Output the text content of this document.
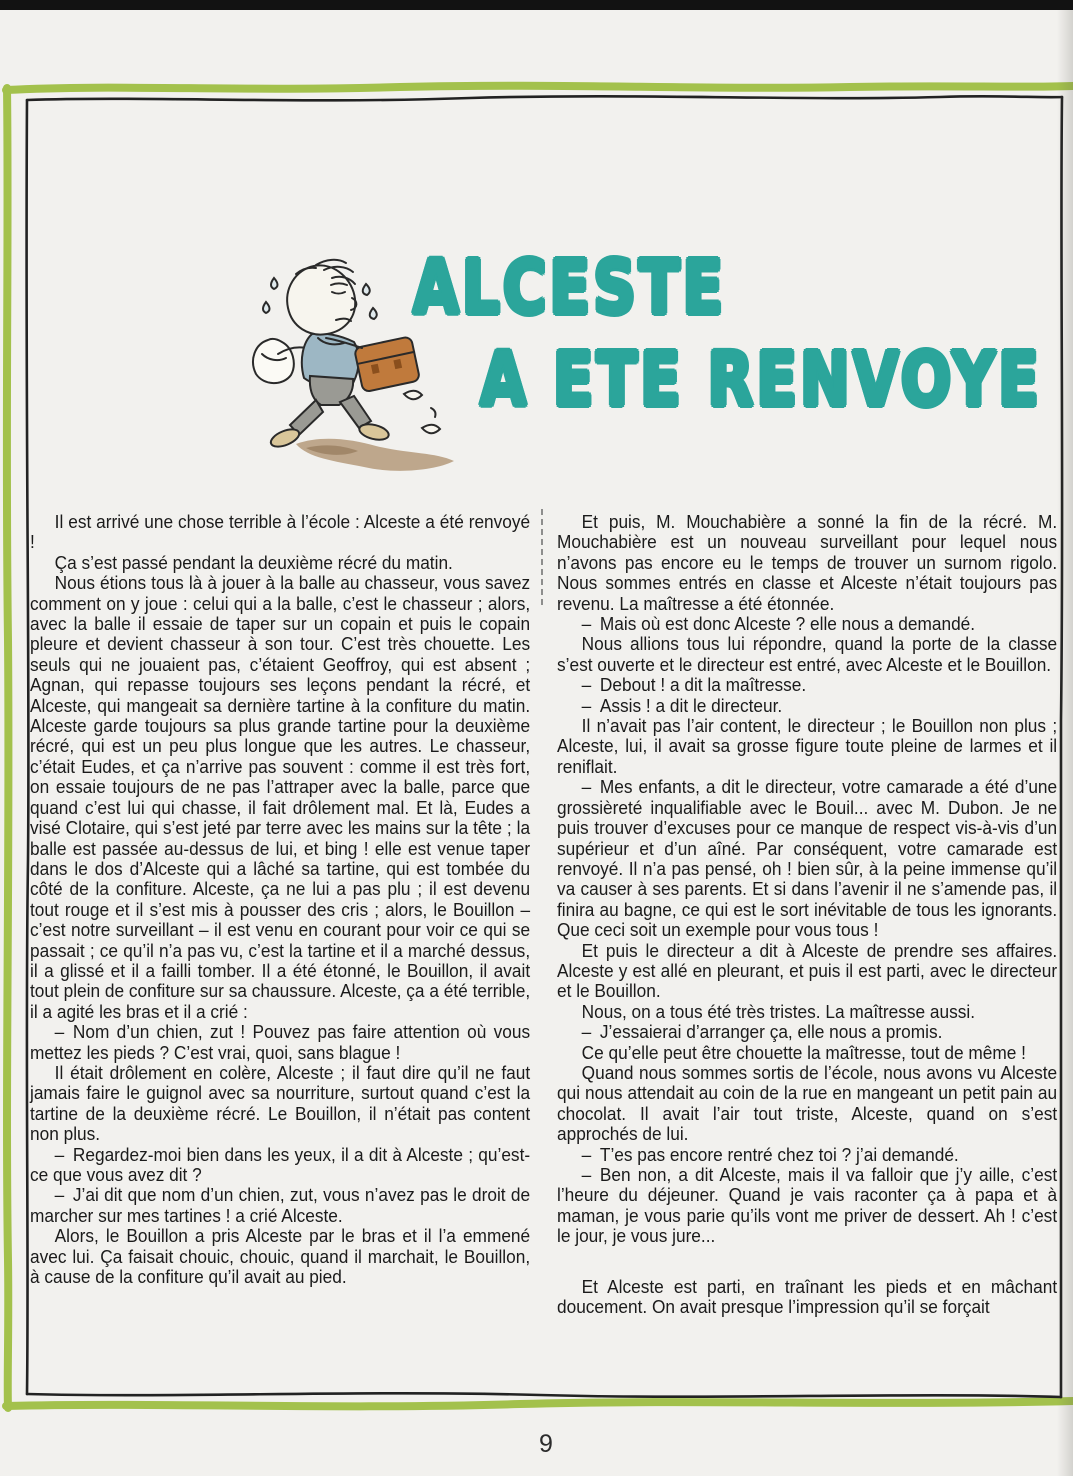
ALCESTE
A ETE RENVOYE

Il est arrivé une chose terrible à l’école : Alceste a été renvoyé !

Ça s’est passé pendant la deuxième récré du matin.

Nous étions tous là à jouer à la balle au chasseur, vous savez comment on y joue : celui qui a la balle, c’est le chasseur ; alors, avec la balle il essaie de taper sur un copain et puis le copain pleure et devient chasseur à son tour. C’est très chouette. Les seuls qui ne jouaient pas, c’étaient Geoffroy, qui est absent ; Agnan, qui repasse toujours ses leçons pendant la récré, et Alceste, qui mangeait sa dernière tartine à la confiture du matin. Alceste garde toujours sa plus grande tartine pour la deuxième récré, qui est un peu plus longue que les autres. Le chasseur, c’était Eudes, et ça n’arrive pas souvent : comme il est très fort, on essaie toujours de ne pas l’attraper avec la balle, parce que quand c’est lui qui chasse, il fait drôlement mal. Et là, Eudes a visé Clotaire, qui s’est jeté par terre avec les mains sur la tête ; la balle est passée au-dessus de lui, et bing ! elle est venue taper dans le dos d’Alceste qui a lâché sa tartine, qui est tombée du côté de la confiture. Alceste, ça ne lui a pas plu ; il est devenu tout rouge et il s’est mis à pousser des cris ; alors, le Bouillon – c’est notre surveillant – il est venu en courant pour voir ce qui se passait ; ce qu’il n’a pas vu, c’est la tartine et il a marché dessus, il a glissé et il a failli tomber. Il a été étonné, le Bouillon, il avait tout plein de confiture sur sa chaussure. Alceste, ça a été terrible, il a agité les bras et il a crié :

– Nom d’un chien, zut ! Pouvez pas faire attention où vous mettez les pieds ? C’est vrai, quoi, sans blague !

Il était drôlement en colère, Alceste ; il faut dire qu’il ne faut jamais faire le guignol avec sa nourriture, surtout quand c’est la tartine de la deuxième récré. Le Bouillon, il n’était pas content non plus.

– Regardez-moi bien dans les yeux, il a dit à Alceste ; qu’est-ce que vous avez dit ?

– J’ai dit que nom d’un chien, zut, vous n’avez pas le droit de marcher sur mes tartines ! a crié Alceste.

Alors, le Bouillon a pris Alceste par le bras et il l’a emmené avec lui. Ça faisait chouic, chouic, quand il marchait, le Bouillon, à cause de la confiture qu’il avait au pied.

Et puis, M. Mouchabière a sonné la fin de la récré. M. Mouchabière est un nouveau surveillant pour lequel nous n’avons pas encore eu le temps de trouver un surnom rigolo. Nous sommes entrés en classe et Alceste n’était toujours pas revenu. La maîtresse a été étonnée.

– Mais où est donc Alceste ? elle nous a demandé.

Nous allions tous lui répondre, quand la porte de la classe s’est ouverte et le directeur est entré, avec Alceste et le Bouillon.

– Debout ! a dit la maîtresse.

– Assis ! a dit le directeur.

Il n’avait pas l’air content, le directeur ; le Bouillon non plus ; Alceste, lui, il avait sa grosse figure toute pleine de larmes et il reniflait.

– Mes enfants, a dit le directeur, votre camarade a été d’une grossièreté inqualifiable avec le Bouil... avec M. Dubon. Je ne puis trouver d’excuses pour ce manque de respect vis-à-vis d’un supérieur et d’un aîné. Par conséquent, votre camarade est renvoyé. Il n’a pas pensé, oh ! bien sûr, à la peine immense qu’il va causer à ses parents. Et si dans l’avenir il ne s’amende pas, il finira au bagne, ce qui est le sort inévitable de tous les ignorants. Que ceci soit un exemple pour vous tous !

Et puis le directeur a dit à Alceste de prendre ses affaires. Alceste y est allé en pleurant, et puis il est parti, avec le directeur et le Bouillon.

Nous, on a tous été très tristes. La maîtresse aussi.

– J’essaierai d’arranger ça, elle nous a promis.

Ce qu’elle peut être chouette la maîtresse, tout de même !

Quand nous sommes sortis de l’école, nous avons vu Alceste qui nous attendait au coin de la rue en mangeant un petit pain au chocolat. Il avait l’air tout triste, Alceste, quand on s’est approchés de lui.

– T’es pas encore rentré chez toi ? j’ai demandé.

– Ben non, a dit Alceste, mais il va falloir que j’y aille, c’est l’heure du déjeuner. Quand je vais raconter ça à papa et à maman, je vous parie qu’ils vont me priver de dessert. Ah ! c’est le jour, je vous jure...

Et Alceste est parti, en traînant les pieds et en mâchant doucement. On avait presque l’impression qu’il se forçait

9
